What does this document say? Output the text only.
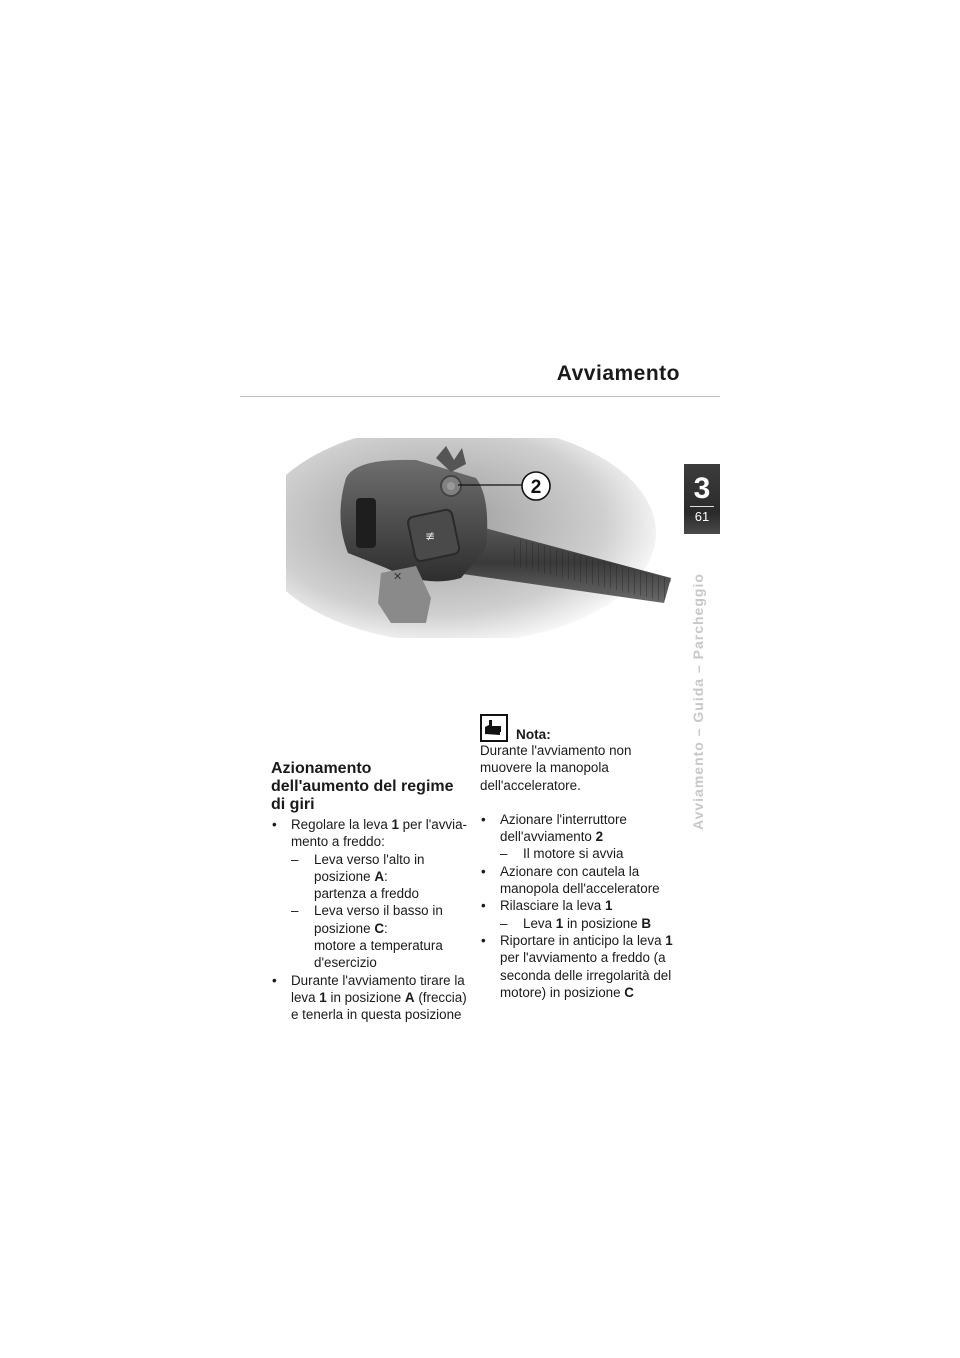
Avviamento
3
61
Avviamento – Guida – Parcheggio
≢
✕
2
Azionamento dell'aumento del regime di giri
• Regolare la leva 1 per l'avvia-mento a freddo:
– Leva verso l'alto in posizione A:
partenza a freddo
– Leva verso il basso in posizione C:
motore a temperatura d'esercizio
• Durante l'avviamento tirare la leva 1 in posizione A (freccia) e tenerla in questa posizione
Nota:
Durante l'avviamento non muovere la manopola dell'acceleratore.
• Azionare l'interruttore dell'avviamento 2
– Il motore si avvia
• Azionare con cautela la manopola dell'acceleratore
• Rilasciare la leva 1
– Leva 1 in posizione B
• Riportare in anticipo la leva 1 per l'avviamento a freddo (a seconda delle irregolarità del motore) in posizione C
